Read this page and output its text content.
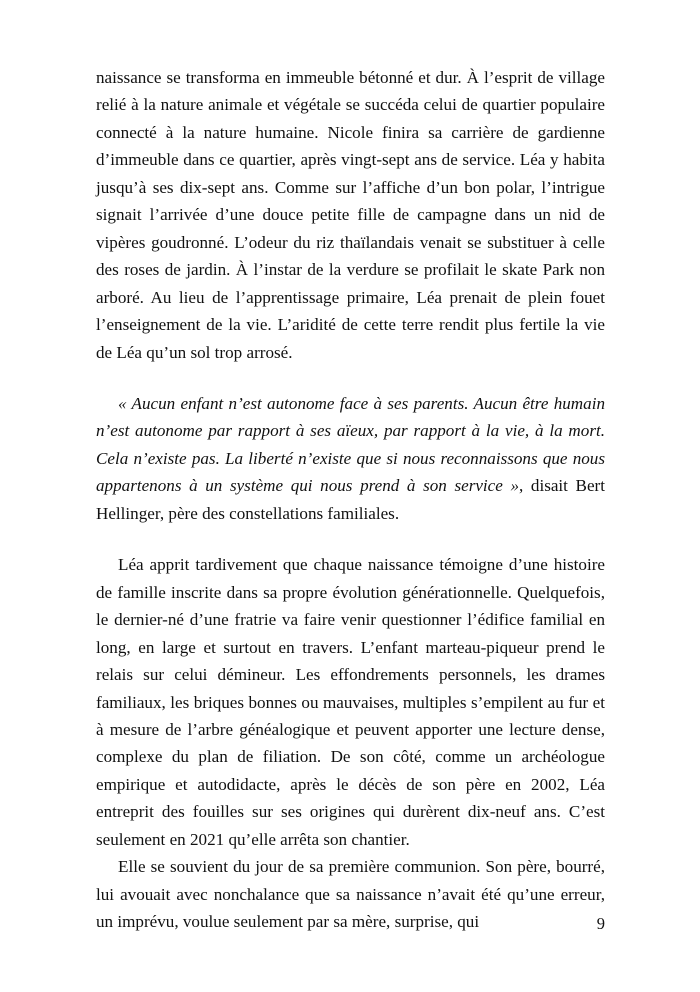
naissance se transforma en immeuble bétonné et dur. À l’esprit de village relié à la nature animale et végétale se succéda celui de quartier populaire connecté à la nature humaine. Nicole finira sa carrière de gardienne d’immeuble dans ce quartier, après vingt-sept ans de service. Léa y habita jusqu’à ses dix-sept ans. Comme sur l’affiche d’un bon polar, l’intrigue signait l’arrivée d’une douce petite fille de campagne dans un nid de vipères goudronné. L’odeur du riz thaïlandais venait se substituer à celle des roses de jardin. À l’instar de la verdure se profilait le skate Park non arboré. Au lieu de l’apprentissage primaire, Léa prenait de plein fouet l’enseignement de la vie. L’aridité de cette terre rendit plus fertile la vie de Léa qu’un sol trop arrosé.

« Aucun enfant n’est autonome face à ses parents. Aucun être humain n’est autonome par rapport à ses aïeux, par rapport à la vie, à la mort. Cela n’existe pas. La liberté n’existe que si nous reconnaissons que nous appartenons à un système qui nous prend à son service », disait Bert Hellinger, père des constellations familiales.

Léa apprit tardivement que chaque naissance témoigne d’une histoire de famille inscrite dans sa propre évolution générationnelle. Quelquefois, le dernier-né d’une fratrie va faire venir questionner l’édifice familial en long, en large et surtout en travers. L’enfant marteau-piqueur prend le relais sur celui démineur. Les effondrements personnels, les drames familiaux, les briques bonnes ou mauvaises, multiples s’empilent au fur et à mesure de l’arbre généalogique et peuvent apporter une lecture dense, complexe du plan de filiation. De son côté, comme un archéologue empirique et autodidacte, après le décès de son père en 2002, Léa entreprit des fouilles sur ses origines qui durèrent dix-neuf ans. C’est seulement en 2021 qu’elle arrêta son chantier.

Elle se souvient du jour de sa première communion. Son père, bourré, lui avouait avec nonchalance que sa naissance n’avait été qu’une erreur, un imprévu, voulue seulement par sa mère, surprise, qui	9
